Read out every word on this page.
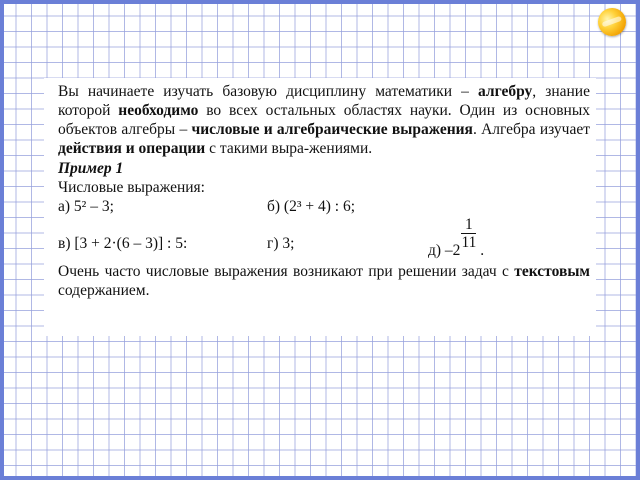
Вы начинаете изучать базовую дисциплину математики – алгебру, знание которой необходимо во всех остальных областях науки. Один из основных объектов алгебры – числовые и алгебраические выражения. Алгебра изучает действия и операции с такими выра-жениями.

Пример 1

Числовые выражения:

а) 5² – 3;	б) (2³ + 4) : 6;
в) [3 + 2·(6 – 3)] : 5:	г) 3;	д) $-2 \frac{1}{11}$ .

Очень часто числовые выражения возникают при решении задач с текстовым содержанием.
